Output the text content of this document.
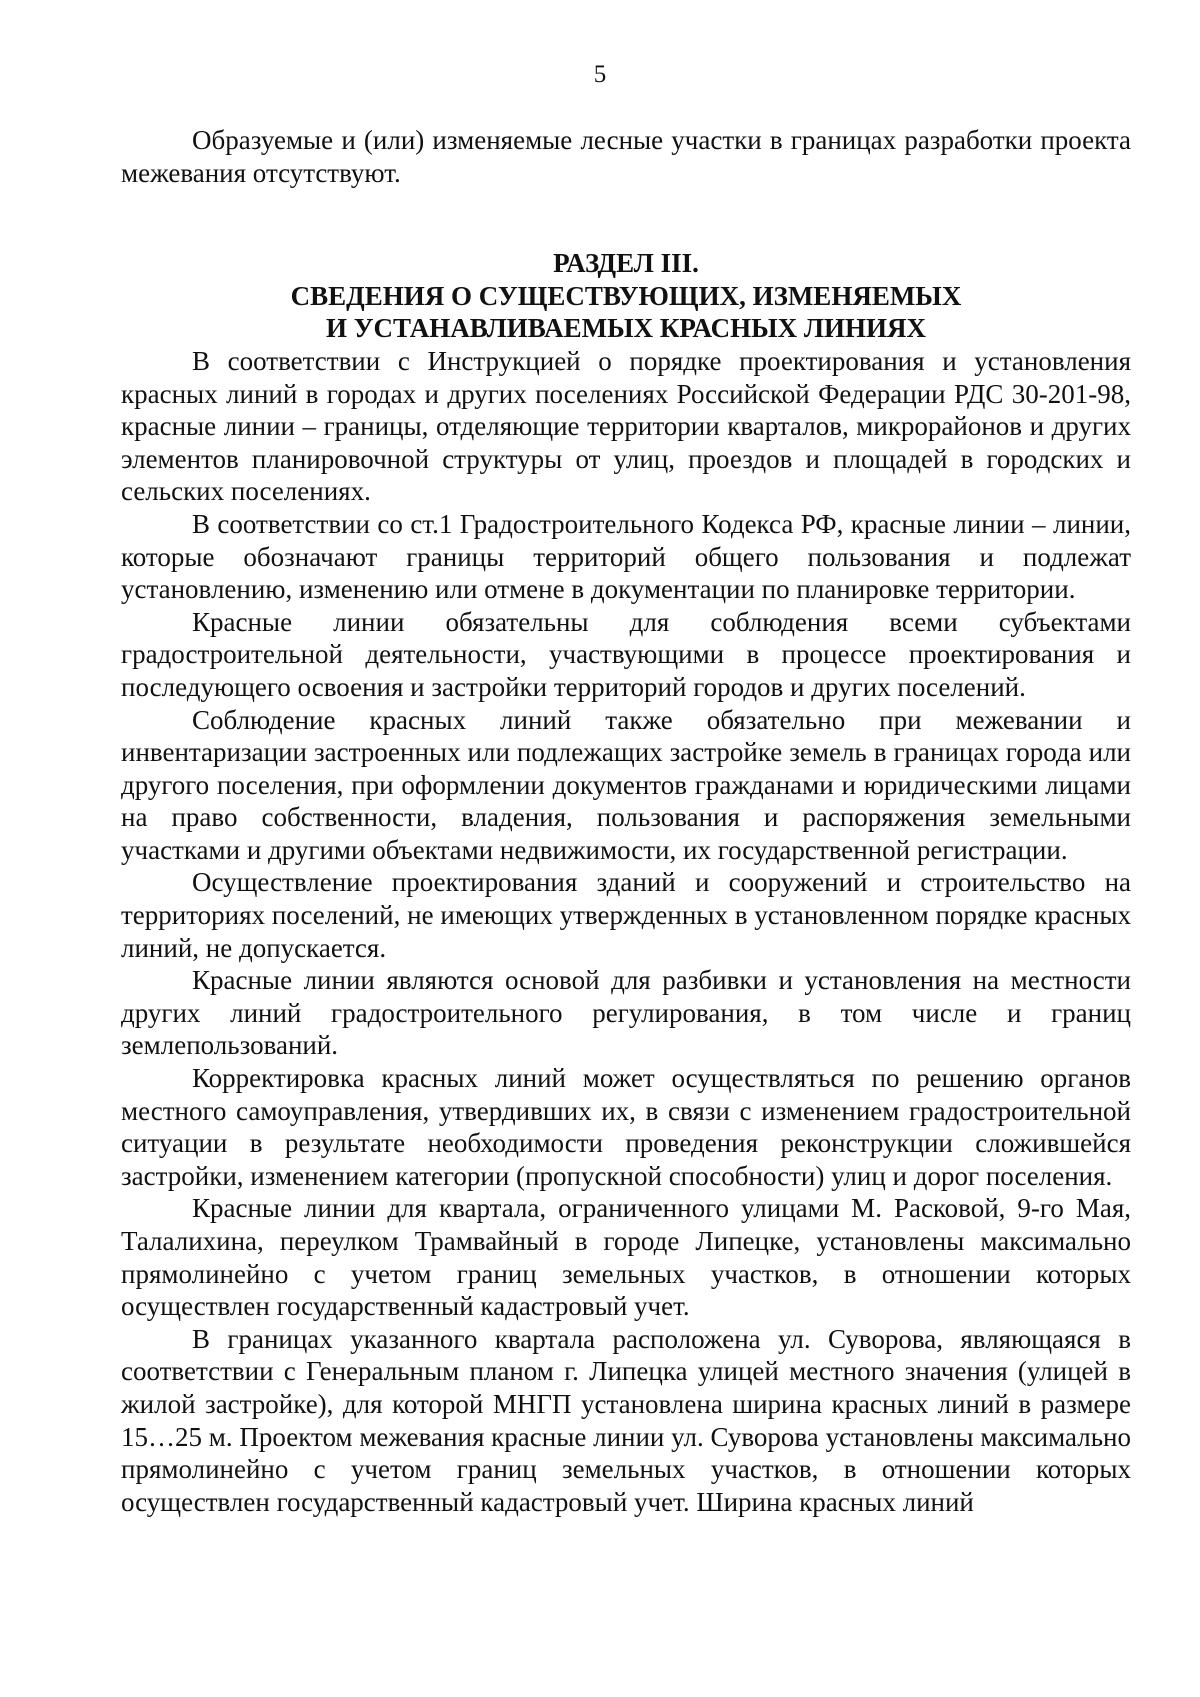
5

Образуемые и (или) изменяемые лесные участки в границах разработки проекта межевания отсутствуют.

РАЗДЕЛ III.
СВЕДЕНИЯ О СУЩЕСТВУЮЩИХ, ИЗМЕНЯЕМЫХ
И УСТАНАВЛИВАЕМЫХ КРАСНЫХ ЛИНИЯХ

В соответствии с Инструкцией о порядке проектирования и установления красных линий в городах и других поселениях Российской Федерации РДС 30-201-98, красные линии – границы, отделяющие территории кварталов, микрорайонов и других элементов планировочной структуры от улиц, проездов и площадей в городских и сельских поселениях.

В соответствии со ст.1 Градостроительного Кодекса РФ, красные линии – линии, которые обозначают границы территорий общего пользования и подлежат установлению, изменению или отмене в документации по планировке территории.

Красные линии обязательны для соблюдения всеми субъектами градостроительной деятельности, участвующими в процессе проектирования и последующего освоения и застройки территорий городов и других поселений.

Соблюдение красных линий также обязательно при межевании и инвентаризации застроенных или подлежащих застройке земель в границах города или другого поселения, при оформлении документов гражданами и юридическими лицами на право собственности, владения, пользования и распоряжения земельными участками и другими объектами недвижимости, их государственной регистрации.

Осуществление проектирования зданий и сооружений и строительство на территориях поселений, не имеющих утвержденных в установленном порядке красных линий, не допускается.

Красные линии являются основой для разбивки и установления на местности других линий градостроительного регулирования, в том числе и границ землепользований.

Корректировка красных линий может осуществляться по решению органов местного самоуправления, утвердивших их, в связи с изменением градостроительной ситуации в результате необходимости проведения реконструкции сложившейся застройки, изменением категории (пропускной способности) улиц и дорог поселения.

Красные линии для квартала, ограниченного улицами М. Расковой, 9-го Мая, Талалихина, переулком Трамвайный в городе Липецке, установлены максимально прямолинейно с учетом границ земельных участков, в отношении которых осуществлен государственный кадастровый учет.

В границах указанного квартала расположена ул. Суворова, являющаяся в соответствии с Генеральным планом г. Липецка улицей местного значения (улицей в жилой застройке), для которой МНГП установлена ширина красных линий в размере 15…25 м. Проектом межевания красные линии ул. Суворова установлены максимально прямолинейно с учетом границ земельных участков, в отношении которых осуществлен государственный кадастровый учет. Ширина красных линий
